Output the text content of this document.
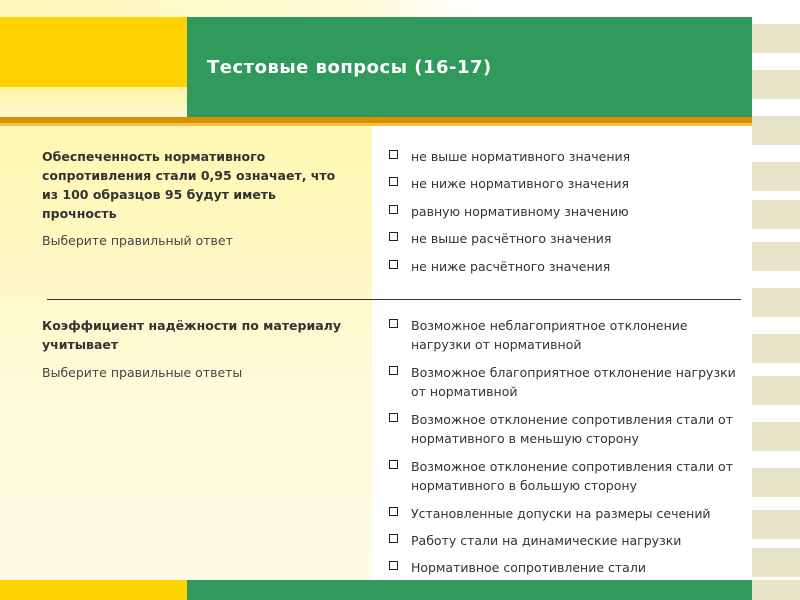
Тестовые вопросы (16-17)
Обеспеченность нормативного сопротивления стали 0,95 означает, что из 100 образцов 95 будут иметь прочность
Выберите правильный ответ
не выше нормативного значения
не ниже нормативного значения
равную нормативному значению
не выше расчётного значения
не ниже расчётного значения
Коэффициент надёжности по материалу учитывает
Выберите правильные ответы
Возможное неблагоприятное отклонение нагрузки от нормативной
Возможное благоприятное отклонение нагрузки от нормативной
Возможное отклонение сопротивления стали от нормативного в меньшую сторону
Возможное отклонение сопротивления стали от нормативного в большую сторону
Установленные допуски на размеры сечений
Работу стали на динамические нагрузки
Нормативное сопротивление стали
